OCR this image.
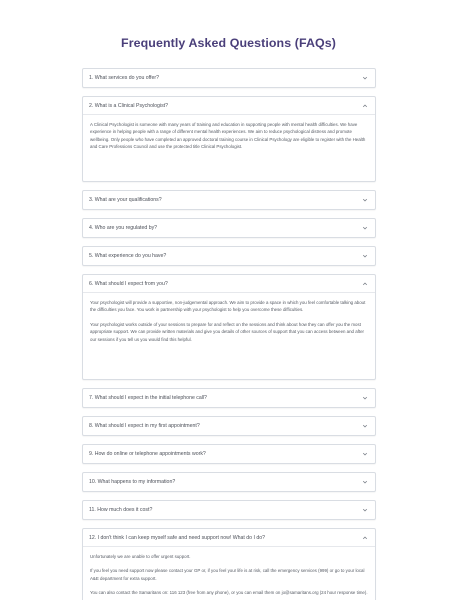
Frequently Asked Questions (FAQs)
1. What services do you offer?
2. What is a Clinical Psychologist?

A Clinical Psychologist is someone with many years of training and education in supporting people with mental health difficulties. We have experience in helping people with a range of different mental health experiences. We aim to reduce psychological distress and promote wellbeing. Only people who have completed an approved doctoral training course in Clinical Psychology are eligible to register with the Health and Care Professions Council and use the protected title Clinical Psychologist.

3. What are your qualifications?
4. Who are you regulated by?
5. What experience do you have?
6. What should I expect from you?

Your psychologist will provide a supportive, non-judgemental approach. We aim to provide a space in which you feel comfortable talking about the difficulties you face. You work in partnership with your psychologist to help you overcome these difficulties.

Your psychologist works outside of your sessions to prepare for and reflect on the sessions and think about how they can offer you the most appropriate support. We can provide written materials and give you details of other sources of support that you can access between and after our sessions if you tell us you would find this helpful.

7. What should I expect in the initial telephone call?
8. What should I expect in my first appointment?
9. How do online or telephone appointments work?
10. What happens to my information?
11. How much does it cost?
12. I don't think I can keep myself safe and need support now! What do I do?

Unfortunately we are unable to offer urgent support.

If you feel you need support now please contact your GP or, if you feel your life is at risk, call the emergency services (999) or go to your local A&E department for extra support.

You can also contact the Samaritans on: 116 123 (free from any phone), or you can email them on jo@samaritans.org (24 hour response time).
